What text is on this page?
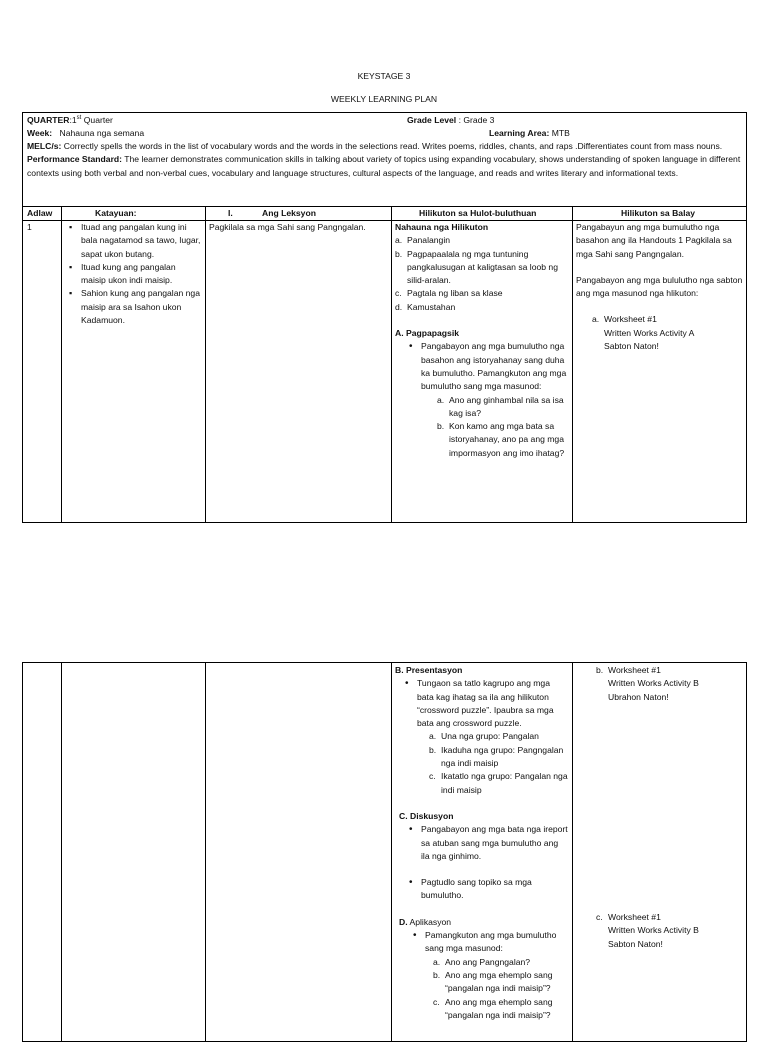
KEYSTAGE 3
WEEKLY LEARNING PLAN
QUARTER:1st Quarter	Grade Level : Grade 3
Week: Nahauna nga semana	Learning Area: MTB
MELC/s: Correctly spells the words in the list of vocabulary words and the words in the selections read. Writes poems, riddles, chants, and raps .Differentiates count from mass nouns.
Performance Standard: The learner demonstrates communication skills in talking about variety of topics using expanding vocabulary, shows understanding of spoken language in different contexts using both verbal and non-verbal cues, vocabulary and language structures, cultural aspects of the language, and reads and writes literary and informational texts.
Adlaw	Katayuan:	I.	Ang Leksyon	Hilikuton sa Hulot-buluthuan	Hilikuton sa Balay
1
▪	Ituad ang pangalan kung ini bala nagatamod sa tawo, lugar, sapat ukon butang.
▪ Ituad kung ang pangalan maisip ukon indi maisip.
▪ Sahion kung ang pangalan nga maisip ara sa Isahon ukon Kadamuon.
Pagkilala sa mga Sahi sang Pangngalan.	Nahauna nga Hilikuton
a. Panalangin
b. Pagpapaalala ng mga tuntuning pangkalusugan at kaligtasan sa loob ng silid-aralan.
c. Pagtala ng liban sa klase
d. Kamustahan
A. Pagpapagsik
• Pangabayon ang mga bumulutho nga basahon ang istoryahanay sang duha ka bumulutho. Pamangkuton ang mga bumulutho sang mga masunod:
a. Ano ang ginhambal nila sa isa kag isa?
b. Kon kamo ang mga bata sa istoryahanay, ano pa ang mga impormasyon ang imo ihatag?
Pangabayun ang mga bumulutho nga basahon ang ila Handouts 1 Pagkilala sa mga Sahi sang Pangngalan.
Pangabayon ang mga bululutho nga sabton ang mga masunod nga hlikuton:
a. Worksheet #1
Written Works Activity A
Sabton Naton!
B. Presentasyon
• Tungaon sa tatlo kagrupo ang mga bata kag ihatag sa ila ang hilikuton “crossword puzzle”. Ipaubra sa mga bata ang crossword puzzle.
a. Una nga grupo: Pangalan
b. Ikaduha nga grupo: Pangngalan nga indi maisip
c. Ikatatlo nga grupo: Pangalan nga indi maisip
C. Diskusyon
• Pangabayon ang mga bata nga ireport sa atuban sang mga bumulutho ang ila nga ginhimo.
• Pagtudlo sang topiko sa mga bumulutho.
D. Aplikasyon
• Pamangkuton ang mga bumulutho sang mga masunod:
a. Ano ang Pangngalan?
b. Ano ang mga ehemplo sang “pangalan nga indi maisip”?
c. Ano ang mga ehemplo sang “pangalan nga indi maisip”?
b. Worksheet #1
Written Works Activity B
Ubrahon Naton!
c. Worksheet #1
Written Works Activity B
Sabton Naton!
